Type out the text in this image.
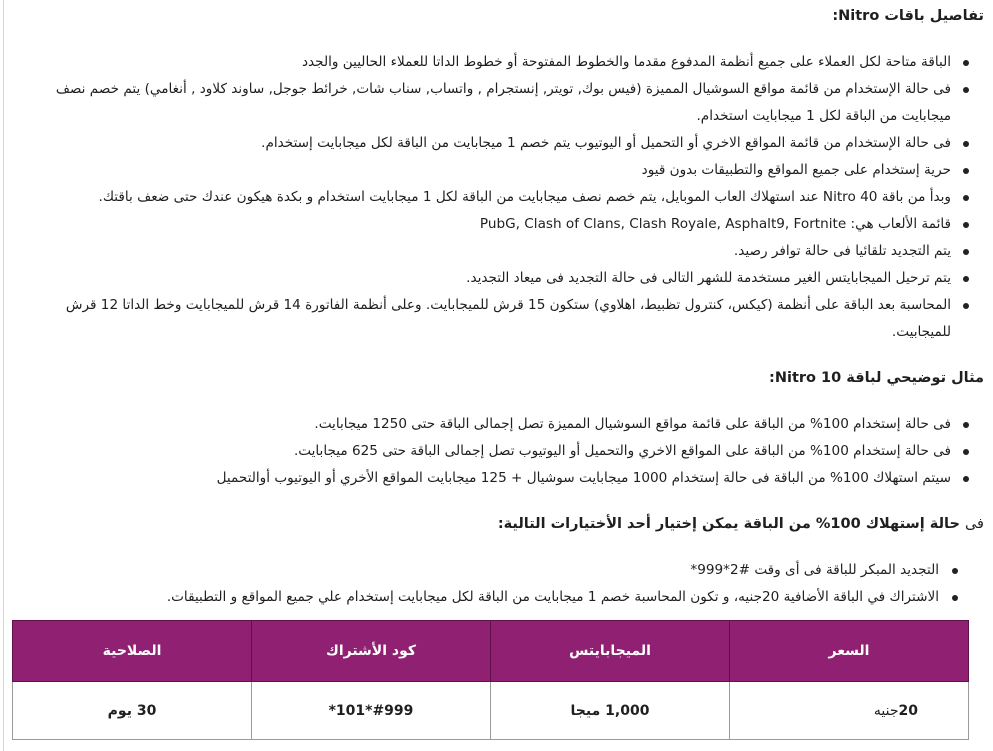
تفاصيل باقات Nitro:
الباقة متاحة لكل العملاء على جميع أنظمة المدفوع مقدما والخطوط المفتوحة أو خطوط الداتا للعملاء الحاليين والجدد
فى حالة الإستخدام من قائمة مواقع السوشيال المميزة (فيس بوك, تويتر, إنستجرام , واتساب, سناب شات, خرائط جوجل, ساوند كلاود , أنغامي) يتم خصم نصف ميجابايت من الباقة لكل 1 ميجابايت استخدام.
فى حالة الإستخدام من قائمة المواقع الاخري أو التحميل أو اليوتيوب يتم خصم 1 ميجابايت من الباقة لكل ميجابايت إستخدام.
حرية إستخدام على جميع المواقع والتطبيقات بدون قيود
وبدأ من باقة Nitro 40 عند استهلاك العاب الموبايل، يتم خصم نصف ميجابايت من الباقة لكل 1 ميجابايت استخدام و بكدة هيكون عندك حتى ضعف باقتك.
قائمة الألعاب هي: PubG, Clash of Clans, Clash Royale, Asphalt9, Fortnite
يتم التجديد تلقائيا فى حالة توافر رصيد.
يتم ترحيل الميجابايتس الغير مستخدمة للشهر التالى فى حالة التجديد فى ميعاد التجديد.
المحاسبة بعد الباقة على أنظمة (كيكس، كنترول تظبيط، اهلاوي) ستكون 15 قرش للميجابايت. وعلى أنظمة الفاتورة 14 قرش للميجابايت وخط الداتا 12 قرش للميجابيت.
مثال توضيحي لباقة Nitro 10:
فى حالة إستخدام 100% من الباقة على قائمة مواقع السوشيال المميزة تصل إجمالى الباقة حتى 1250 ميجابايت.
فى حالة إستخدام 100% من الباقة على المواقع الاخري والتحميل أو اليوتيوب تصل إجمالى الباقة حتى 625 ميجابايت.
سيتم استهلاك 100% من الباقة فى حالة إستخدام 1000 ميجابايت سوشيال + 125 ميجابايت المواقع الأخري أو اليوتيوب أوالتحميل
فى حالة إستهلاك 100% من الباقة يمكن إختيار أحد الأختيارات التالية:
التجديد المبكر للباقة فى أى وقت #2*999*
الاشتراك في الباقة الأضافية 20جنيه، و تكون المحاسبة خصم 1 ميجابايت من الباقة لكل ميجابايت إستخدام علي جميع المواقع و التطبيقات.
السعر	الميجابايتس	كود الأشتراك	الصلاحية
20جنيه	1,000 ميجا	#999*101*	30 يوم
